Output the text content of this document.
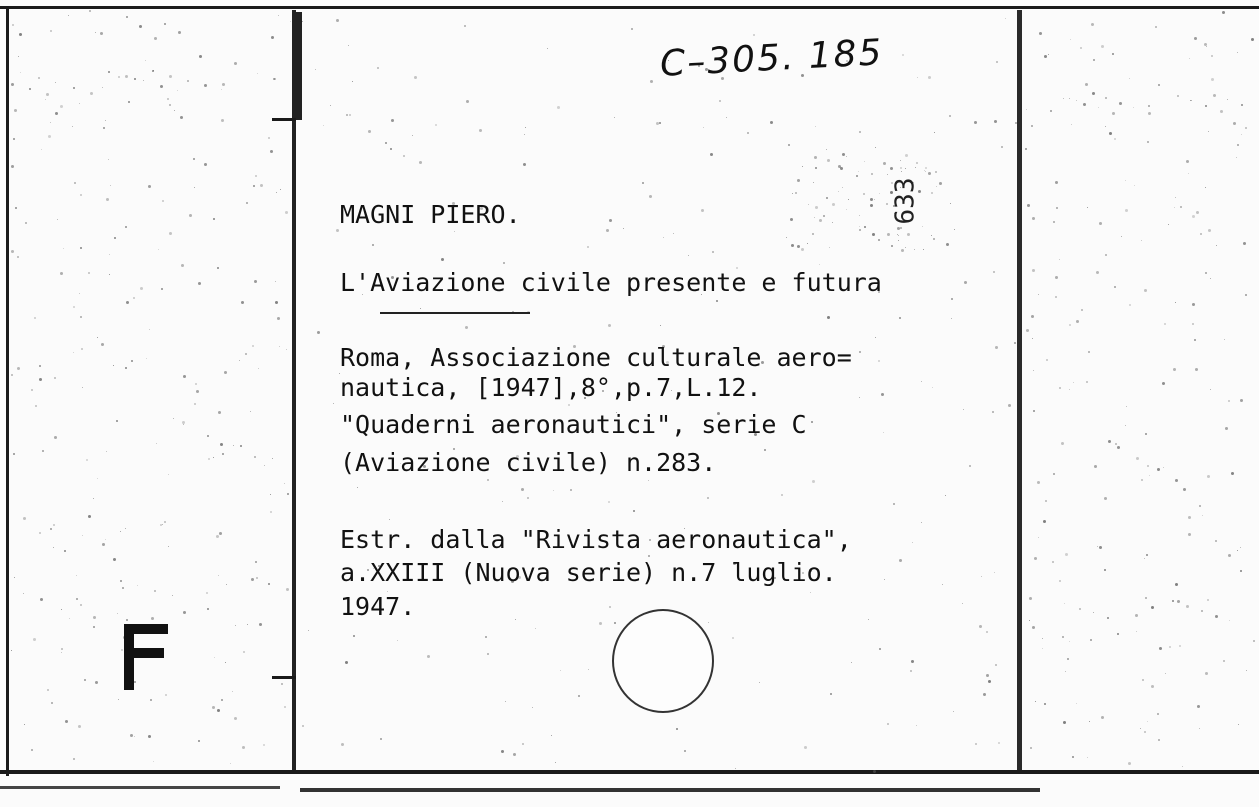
C–305. 185
633
MAGNI PIERO.
L'Aviazione civile presente e futura
Roma, Associazione culturale aero=
nautica, [1947],8°,p.7,L.12.
"Quaderni aeronautici", serie C
(Aviazione civile) n.283.
Estr. dalla "Rivista aeronautica",
a.XXIII (Nuova serie) n.7 luglio.
1947.
